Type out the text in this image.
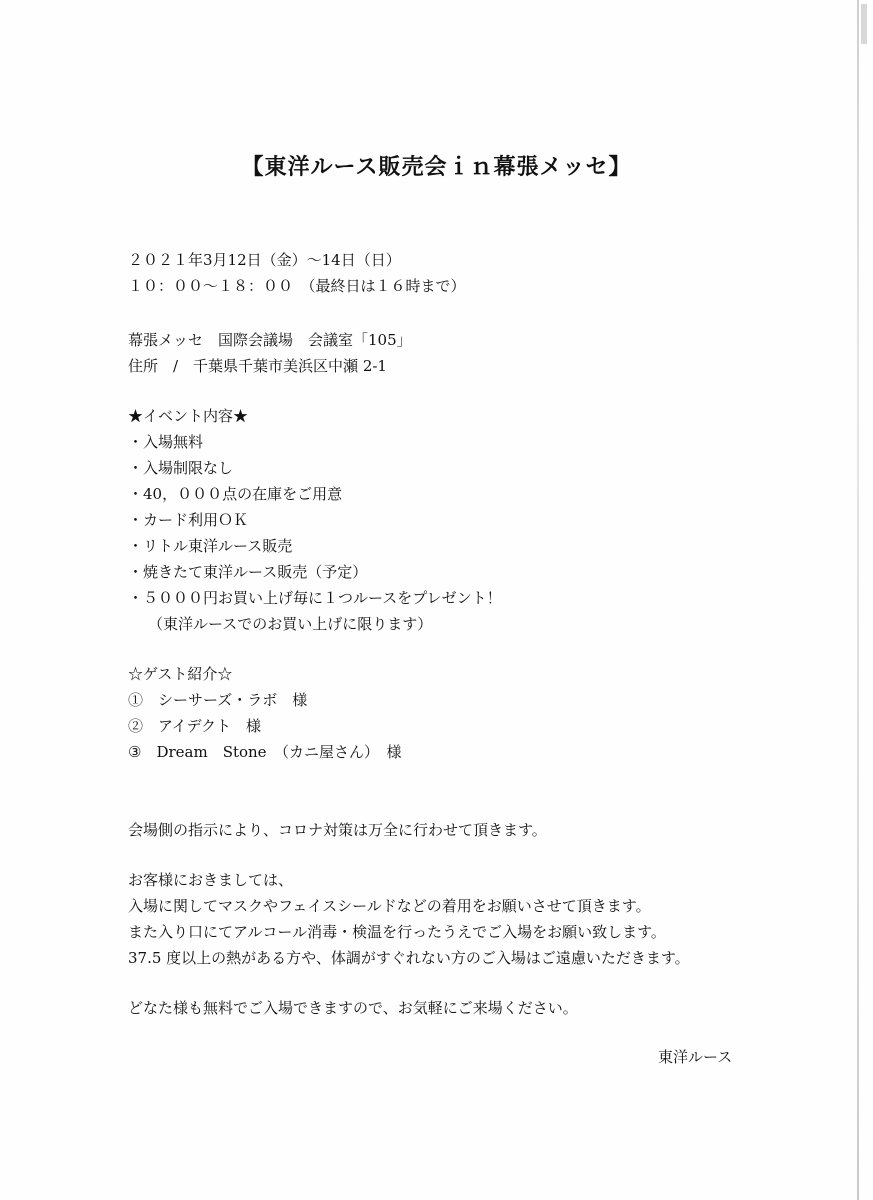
【東洋ルース販売会ｉｎ幕張メッセ】
２０２１年3月12日（金）～14日（日）
１０：００～１８：００　（最終日は１６時まで）
幕張メッセ　国際会議場　会議室「105」
住所　/　千葉県千葉市美浜区中瀬 2-1
★イベント内容★
・入場無料
・入場制限なし
・40，０００点の在庫をご用意
・カード利用ＯＫ
・リトル東洋ルース販売
・焼きたて東洋ルース販売（予定）
・５０００円お買い上げ毎に１つルースをプレゼント！
（東洋ルースでのお買い上げに限ります）
☆ゲスト紹介☆
①　シーサーズ・ラボ　様
②　アイデクト　様
③　Dream　Stone　（カニ屋さん）　様
会場側の指示により、コロナ対策は万全に行わせて頂きます。
お客様におきましては、
入場に関してマスクやフェイスシールドなどの着用をお願いさせて頂きます。
また入り口にてアルコール消毒・検温を行ったうえでご入場をお願い致します。
37.5 度以上の熱がある方や、体調がすぐれない方のご入場はご遠慮いただきます。
どなた様も無料でご入場できますので、お気軽にご来場ください。
東洋ルース
